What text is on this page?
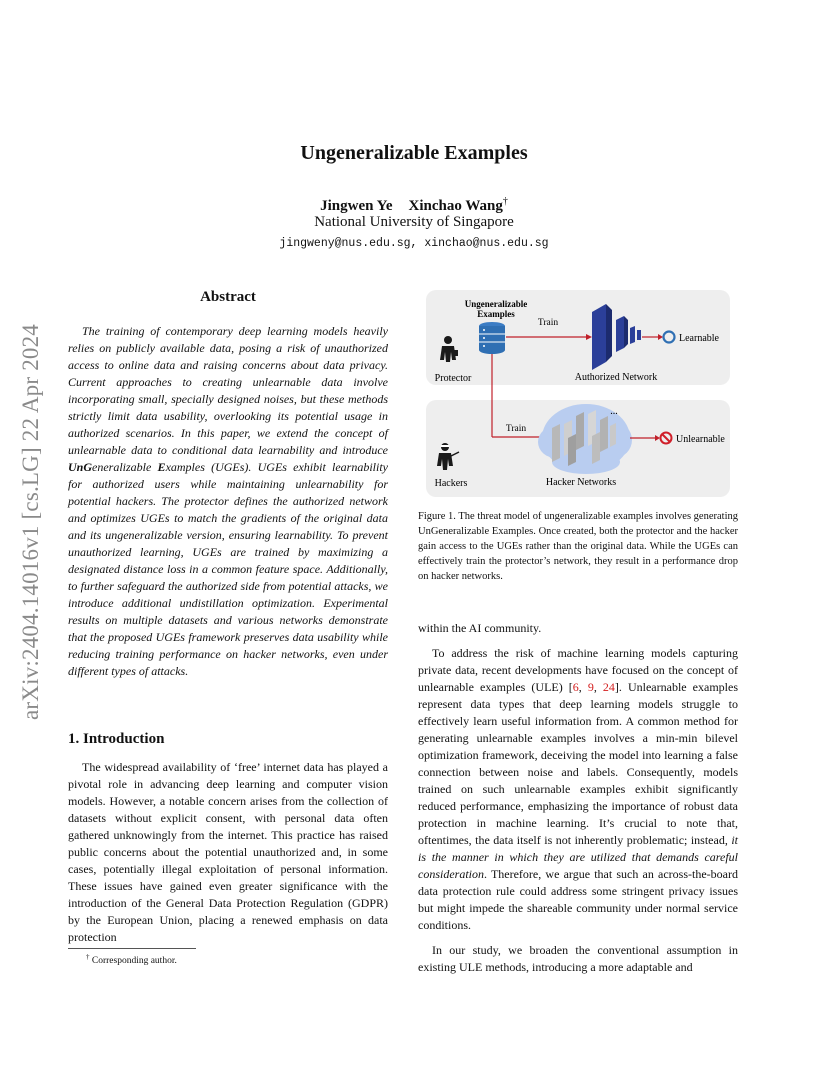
Ungeneralizable Examples
Jingwen Ye Xinchao Wang†
National University of Singapore
jingweny@nus.edu.sg, xinchao@nus.edu.sg
arXiv:2404.14016v1 [cs.LG] 22 Apr 2024
Abstract
The training of contemporary deep learning models heavily relies on publicly available data, posing a risk of unauthorized access to online data and raising concerns about data privacy. Current approaches to creating unlearnable data involve incorporating small, specially designed noises, but these methods strictly limit data usability, overlooking its potential usage in authorized scenarios. In this paper, we extend the concept of unlearnable data to conditional data learnability and introduce UnGeneralizable Examples (UGEs). UGEs exhibit learnability for authorized users while maintaining unlearnability for potential hackers. The protector defines the authorized network and optimizes UGEs to match the gradients of the original data and its ungeneralizable version, ensuring learnability. To prevent unauthorized learning, UGEs are trained by maximizing a designated distance loss in a common feature space. Additionally, to further safeguard the authorized side from potential attacks, we introduce additional undistillation optimization. Experimental results on multiple datasets and various networks demonstrate that the proposed UGEs framework preserves data usability while reducing training performance on hacker networks, even under different types of attacks.
1. Introduction
The widespread availability of ‘free’ internet data has played a pivotal role in advancing deep learning and computer vision models. However, a notable concern arises from the collection of datasets without explicit consent, with personal data often gathered unknowingly from the internet. This practice has raised public concerns about the potential unauthorized and, in some cases, potentially illegal exploitation of personal information. These issues have gained even greater significance with the introduction of the General Data Protection Regulation (GDPR) by the European Union, placing a renewed emphasis on data protection
† Corresponding author.
Ungeneralizable
Examples
Train
Learnable
Authorized Network
Protector
Train
...
Unlearnable
Hackers	Hacker Networks
Figure 1. The threat model of ungeneralizable examples involves generating UnGeneralizable Examples. Once created, both the protector and the hacker gain access to the UGEs rather than the original data. While the UGEs can effectively train the protector’s network, they result in a performance drop on hacker networks.

within the AI community.

To address the risk of machine learning models capturing private data, recent developments have focused on the concept of unlearnable examples (ULE) [6, 9, 24]. Unlearnable examples represent data types that deep learning models struggle to effectively learn useful information from. A common method for generating unlearnable examples involves a min-min bilevel optimization framework, deceiving the model into learning a false connection between noise and labels. Consequently, models trained on such unlearnable examples exhibit significantly reduced performance, emphasizing the importance of robust data protection in machine learning. It’s crucial to note that, oftentimes, the data itself is not inherently problematic; instead, it is the manner in which they are utilized that demands careful consideration. Therefore, we argue that such an across-the-board data protection rule could address some stringent privacy issues but might impede the shareable community under normal service conditions.

In our study, we broaden the conventional assumption in existing ULE methods, introducing a more adaptable and
